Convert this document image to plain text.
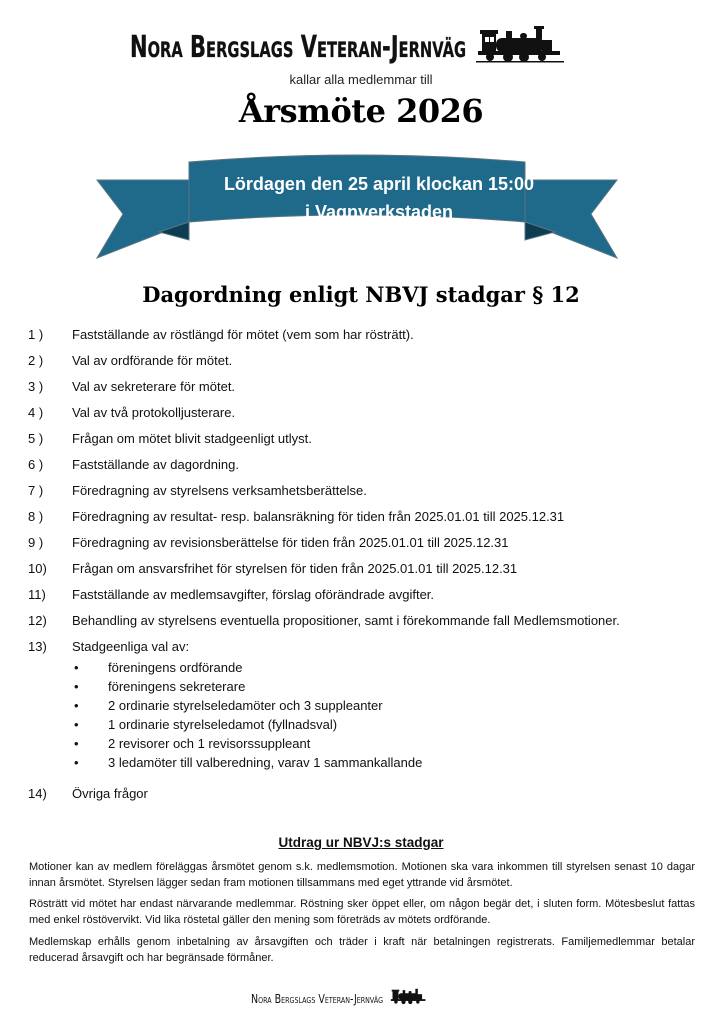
Nora Bergslags Veteran-Jernväg
kallar alla medlemmar till
Årsmöte 2026
Lördagen den 25 april klockan 15:00
i Vagnverkstaden
Dagordning enligt NBVJ stadgar § 12
1 )	Fastställande av röstlängd för mötet (vem som har rösträtt).
2 )	Val av ordförande för mötet.
3 )	Val av sekreterare för mötet.
4 )	Val av två protokolljusterare.
5 )	Frågan om mötet blivit stadgeenligt utlyst.
6 )	Fastställande av dagordning.
7 )	Föredragning av styrelsens verksamhetsberättelse.
8 )	Föredragning av resultat- resp. balansräkning för tiden från 2025.01.01 till 2025.12.31
9 )	Föredragning av revisionsberättelse för tiden från 2025.01.01 till 2025.12.31
10)	Frågan om ansvarsfrihet för styrelsen för tiden från 2025.01.01 till 2025.12.31
11)	Fastställande av medlemsavgifter, förslag oförändrade avgifter.
12)	Behandling av styrelsens eventuella propositioner, samt i förekommande fall Medlemsmotioner.
13)	Stadgeenliga val av:
14)	Övriga frågor
• föreningens ordförande
• föreningens sekreterare
• 2 ordinarie styrelseledamöter och 3 suppleanter
• 1 ordinarie styrelseledamot (fyllnadsval)
• 2 revisorer och 1 revisorssuppleant
• 3 ledamöter till valberedning, varav 1 sammankallande
Utdrag ur NBVJ:s stadgar
Motioner kan av medlem föreläggas årsmötet genom s.k. medlemsmotion. Motionen ska vara inkommen till styrelsen senast 10 dagar innan årsmötet. Styrelsen lägger sedan fram motionen tillsammans med eget yttrande vid årsmötet.
Rösträtt vid mötet har endast närvarande medlemmar. Röstning sker öppet eller, om någon begär det, i sluten form. Mötesbeslut fattas med enkel röstövervikt. Vid lika röstetal gäller den mening som företräds av mötets ordförande.
Medlemskap erhålls genom inbetalning av årsavgiften och träder i kraft när betalningen registrerats. Familjemedlemmar betalar reducerad årsavgift och har begränsade förmåner.
Nora Bergslags Veteran-Jernväg
